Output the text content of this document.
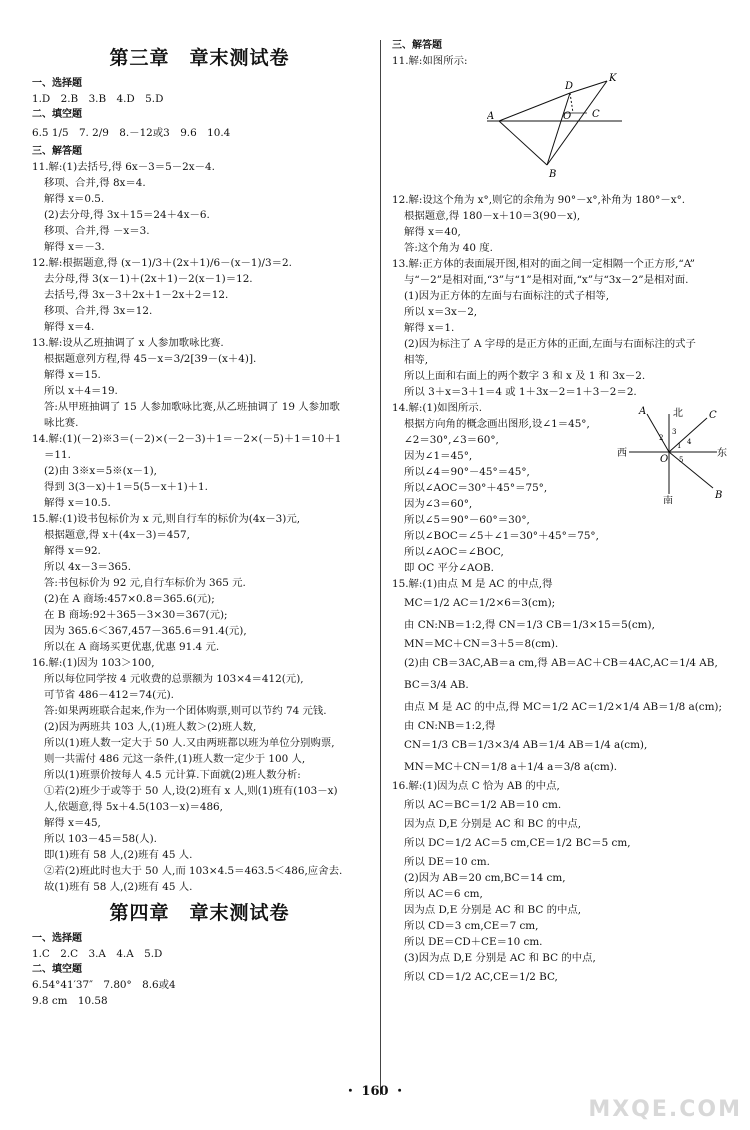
第三章　章末测试卷
一、选择题
1.D　2.B　3.B　4.D　5.D
二、填空题
6.5 1/5　7. 2/9　8.－12或3　9.6　10.4
三、解答题
11.解:(1)去括号,得 6x－3＝5－2x－4.
移项、合并,得 8x＝4.
解得 x＝0.5.
(2)去分母,得 3x＋15＝24＋4x－6.
移项、合并,得 －x＝3.
解得 x＝－3.
12.解:根据题意,得 (x－1)/3＋(2x＋1)/6－(x－1)/3＝2.
去分母,得 3(x－1)＋(2x＋1)－2(x－1)＝12.
去括号,得 3x－3＋2x＋1－2x＋2＝12.
移项、合并,得 3x＝12.
解得 x＝4.
13.解:设从乙班抽调了 x 人参加歌咏比赛.
根据题意列方程,得 45－x＝3/2[39－(x＋4)].
解得 x＝15.
所以 x＋4＝19.
答:从甲班抽调了 15 人参加歌咏比赛,从乙班抽调了 19 人参加歌
咏比赛.
14.解:(1)(－2)※3＝(－2)×(－2－3)＋1＝－2×(－5)＋1＝10＋1
＝11.
(2)由 3※x＝5※(x－1),
得到 3(3－x)＋1＝5(5－x＋1)＋1.
解得 x＝10.5.
15.解:(1)设书包标价为 x 元,则自行车的标价为(4x－3)元,
根据题意,得 x＋(4x－3)＝457,
解得 x＝92.
所以 4x－3＝365.
答:书包标价为 92 元,自行车标价为 365 元.
(2)在 A 商场:457×0.8＝365.6(元);
在 B 商场:92＋365－3×30＝367(元);
因为 365.6＜367,457－365.6＝91.4(元),
所以在 A 商场买更优惠,优惠 91.4 元.
16.解:(1)因为 103＞100,
所以每位同学按 4 元收费的总票额为 103×4＝412(元),
可节省 486－412＝74(元).
答:如果两班联合起来,作为一个团体购票,则可以节约 74 元钱.
(2)因为两班共 103 人,(1)班人数＞(2)班人数,
所以(1)班人数一定大于 50 人.又由两班都以班为单位分别购票,
则一共需付 486 元这一条件,(1)班人数一定少于 100 人,
所以(1)班票价按每人 4.5 元计算.下面就(2)班人数分析:
①若(2)班少于或等于 50 人,设(2)班有 x 人,则(1)班有(103－x)
人,依题意,得 5x＋4.5(103－x)＝486,
解得 x＝45,
所以 103－45＝58(人).
即(1)班有 58 人,(2)班有 45 人.
②若(2)班此时也大于 50 人,而 103×4.5＝463.5＜486,应舍去.
故(1)班有 58 人,(2)班有 45 人.
第四章　章末测试卷
一、选择题
1.C　2.C　3.A　4.A　5.D
二、填空题
6.54°41′37″　7.80°　8.6或4
9.8 cm　10.58
三、解答题
11.解:如图所示:
A
D
K
O C
B
12.解:设这个角为 x°,则它的余角为 90°－x°,补角为 180°－x°.
根据题意,得 180－x＋10＝3(90－x),
解得 x＝40,
答:这个角为 40 度.
13.解:正方体的表面展开图,相对的面之间一定相隔一个正方形,“A”
与“－2”是相对面,“3”与“1”是相对面,“x”与“3x－2”是相对面.
(1)因为正方体的左面与右面标注的式子相等,
所以 x＝3x－2,
解得 x＝1.
(2)因为标注了 A 字母的是正方体的正面,左面与右面标注的式子
相等,
所以上面和右面上的两个数字 3 和 x 及 1 和 3x－2.
所以 3＋x＝3＋1＝4 或 1＋3x－2＝1＋3－2＝2.
14.解:(1)如图所示.
根据方向角的概念画出图形,设∠1＝45°,
∠2＝30°,∠3＝60°,
因为∠1＝45°,
所以∠4＝90°－45°＝45°,
所以∠AOC＝30°＋45°＝75°,
因为∠3＝60°,
所以∠5＝90°－60°＝30°,
所以∠BOC＝∠5＋∠1＝30°＋45°＝75°,
所以∠AOC＝∠BOC,
即 OC 平分∠AOB.
A	北	C
西
O
东
南
B
1
2
3
4
5
15.解:(1)由点 M 是 AC 的中点,得
MC＝1/2 AC＝1/2×6＝3(cm);
由 CN:NB＝1:2,得 CN＝1/3 CB＝1/3×15＝5(cm),
MN＝MC＋CN＝3＋5＝8(cm).
(2)由 CB＝3AC,AB＝a cm,得 AB＝AC＋CB＝4AC,AC＝1/4 AB,
BC＝3/4 AB.
由点 M 是 AC 的中点,得 MC＝1/2 AC＝1/2×1/4 AB＝1/8 a(cm);
由 CN:NB＝1:2,得
CN＝1/3 CB＝1/3×3/4 AB＝1/4 AB＝1/4 a(cm),
MN＝MC＋CN＝1/8 a＋1/4 a＝3/8 a(cm).
16.解:(1)因为点 C 恰为 AB 的中点,
所以 AC＝BC＝1/2 AB＝10 cm.
因为点 D,E 分别是 AC 和 BC 的中点,
所以 DC＝1/2 AC＝5 cm,CE＝1/2 BC＝5 cm,
所以 DE＝10 cm.
(2)因为 AB＝20 cm,BC＝14 cm,
所以 AC＝6 cm,
因为点 D,E 分别是 AC 和 BC 的中点,
所以 CD＝3 cm,CE＝7 cm,
所以 DE＝CD＋CE＝10 cm.
(3)因为点 D,E 分别是 AC 和 BC 的中点,
所以 CD＝1/2 AC,CE＝1/2 BC,
・ 160 ・
MXQE.COM
